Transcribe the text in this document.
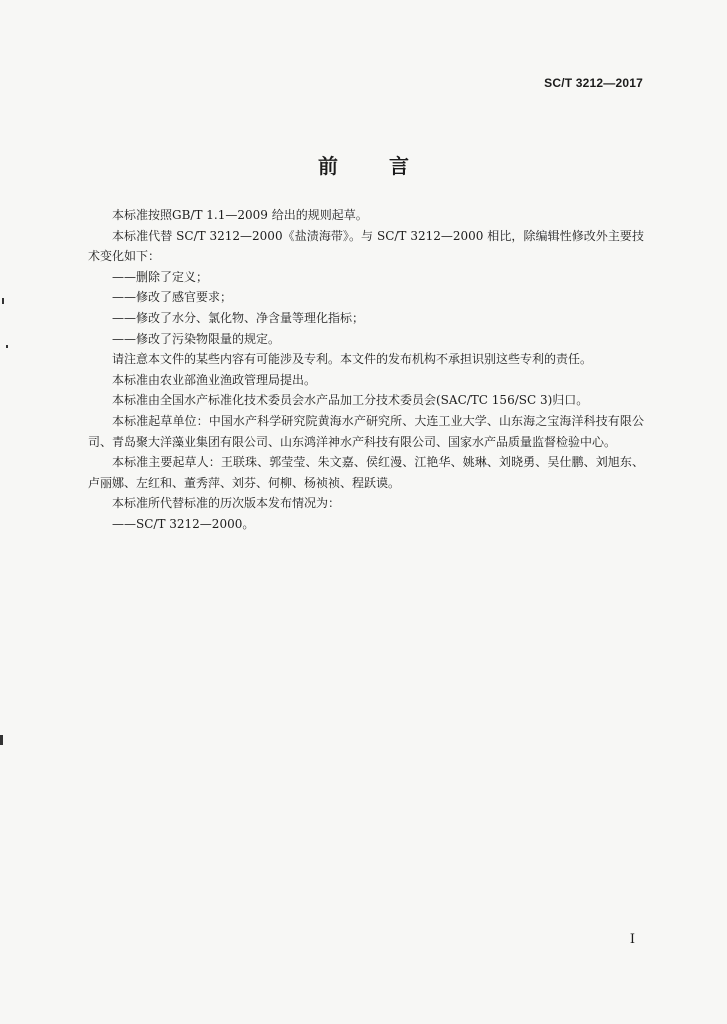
SC/T 3212—2017
前 言

本标准按照GB/T 1.1—2009 给出的规则起草。

本标准代替 SC/T 3212—2000《盐渍海带》。与 SC/T 3212—2000 相比，除编辑性修改外主要技术变化如下：

——删除了定义；

——修改了感官要求；

——修改了水分、氯化物、净含量等理化指标；

——修改了污染物限量的规定。

请注意本文件的某些内容有可能涉及专利。本文件的发布机构不承担识别这些专利的责任。

本标准由农业部渔业渔政管理局提出。

本标准由全国水产标准化技术委员会水产品加工分技术委员会(SAC/TC 156/SC 3)归口。

本标准起草单位：中国水产科学研究院黄海水产研究所、大连工业大学、山东海之宝海洋科技有限公司、青岛聚大洋藻业集团有限公司、山东鸿洋神水产科技有限公司、国家水产品质量监督检验中心。

本标准主要起草人：王联珠、郭莹莹、朱文嘉、侯红漫、江艳华、姚琳、刘晓勇、吴仕鹏、刘旭东、卢丽娜、左红和、董秀萍、刘芬、何柳、杨祯祯、程跃谟。

本标准所代替标准的历次版本发布情况为：

——SC/T 3212—2000。

I
